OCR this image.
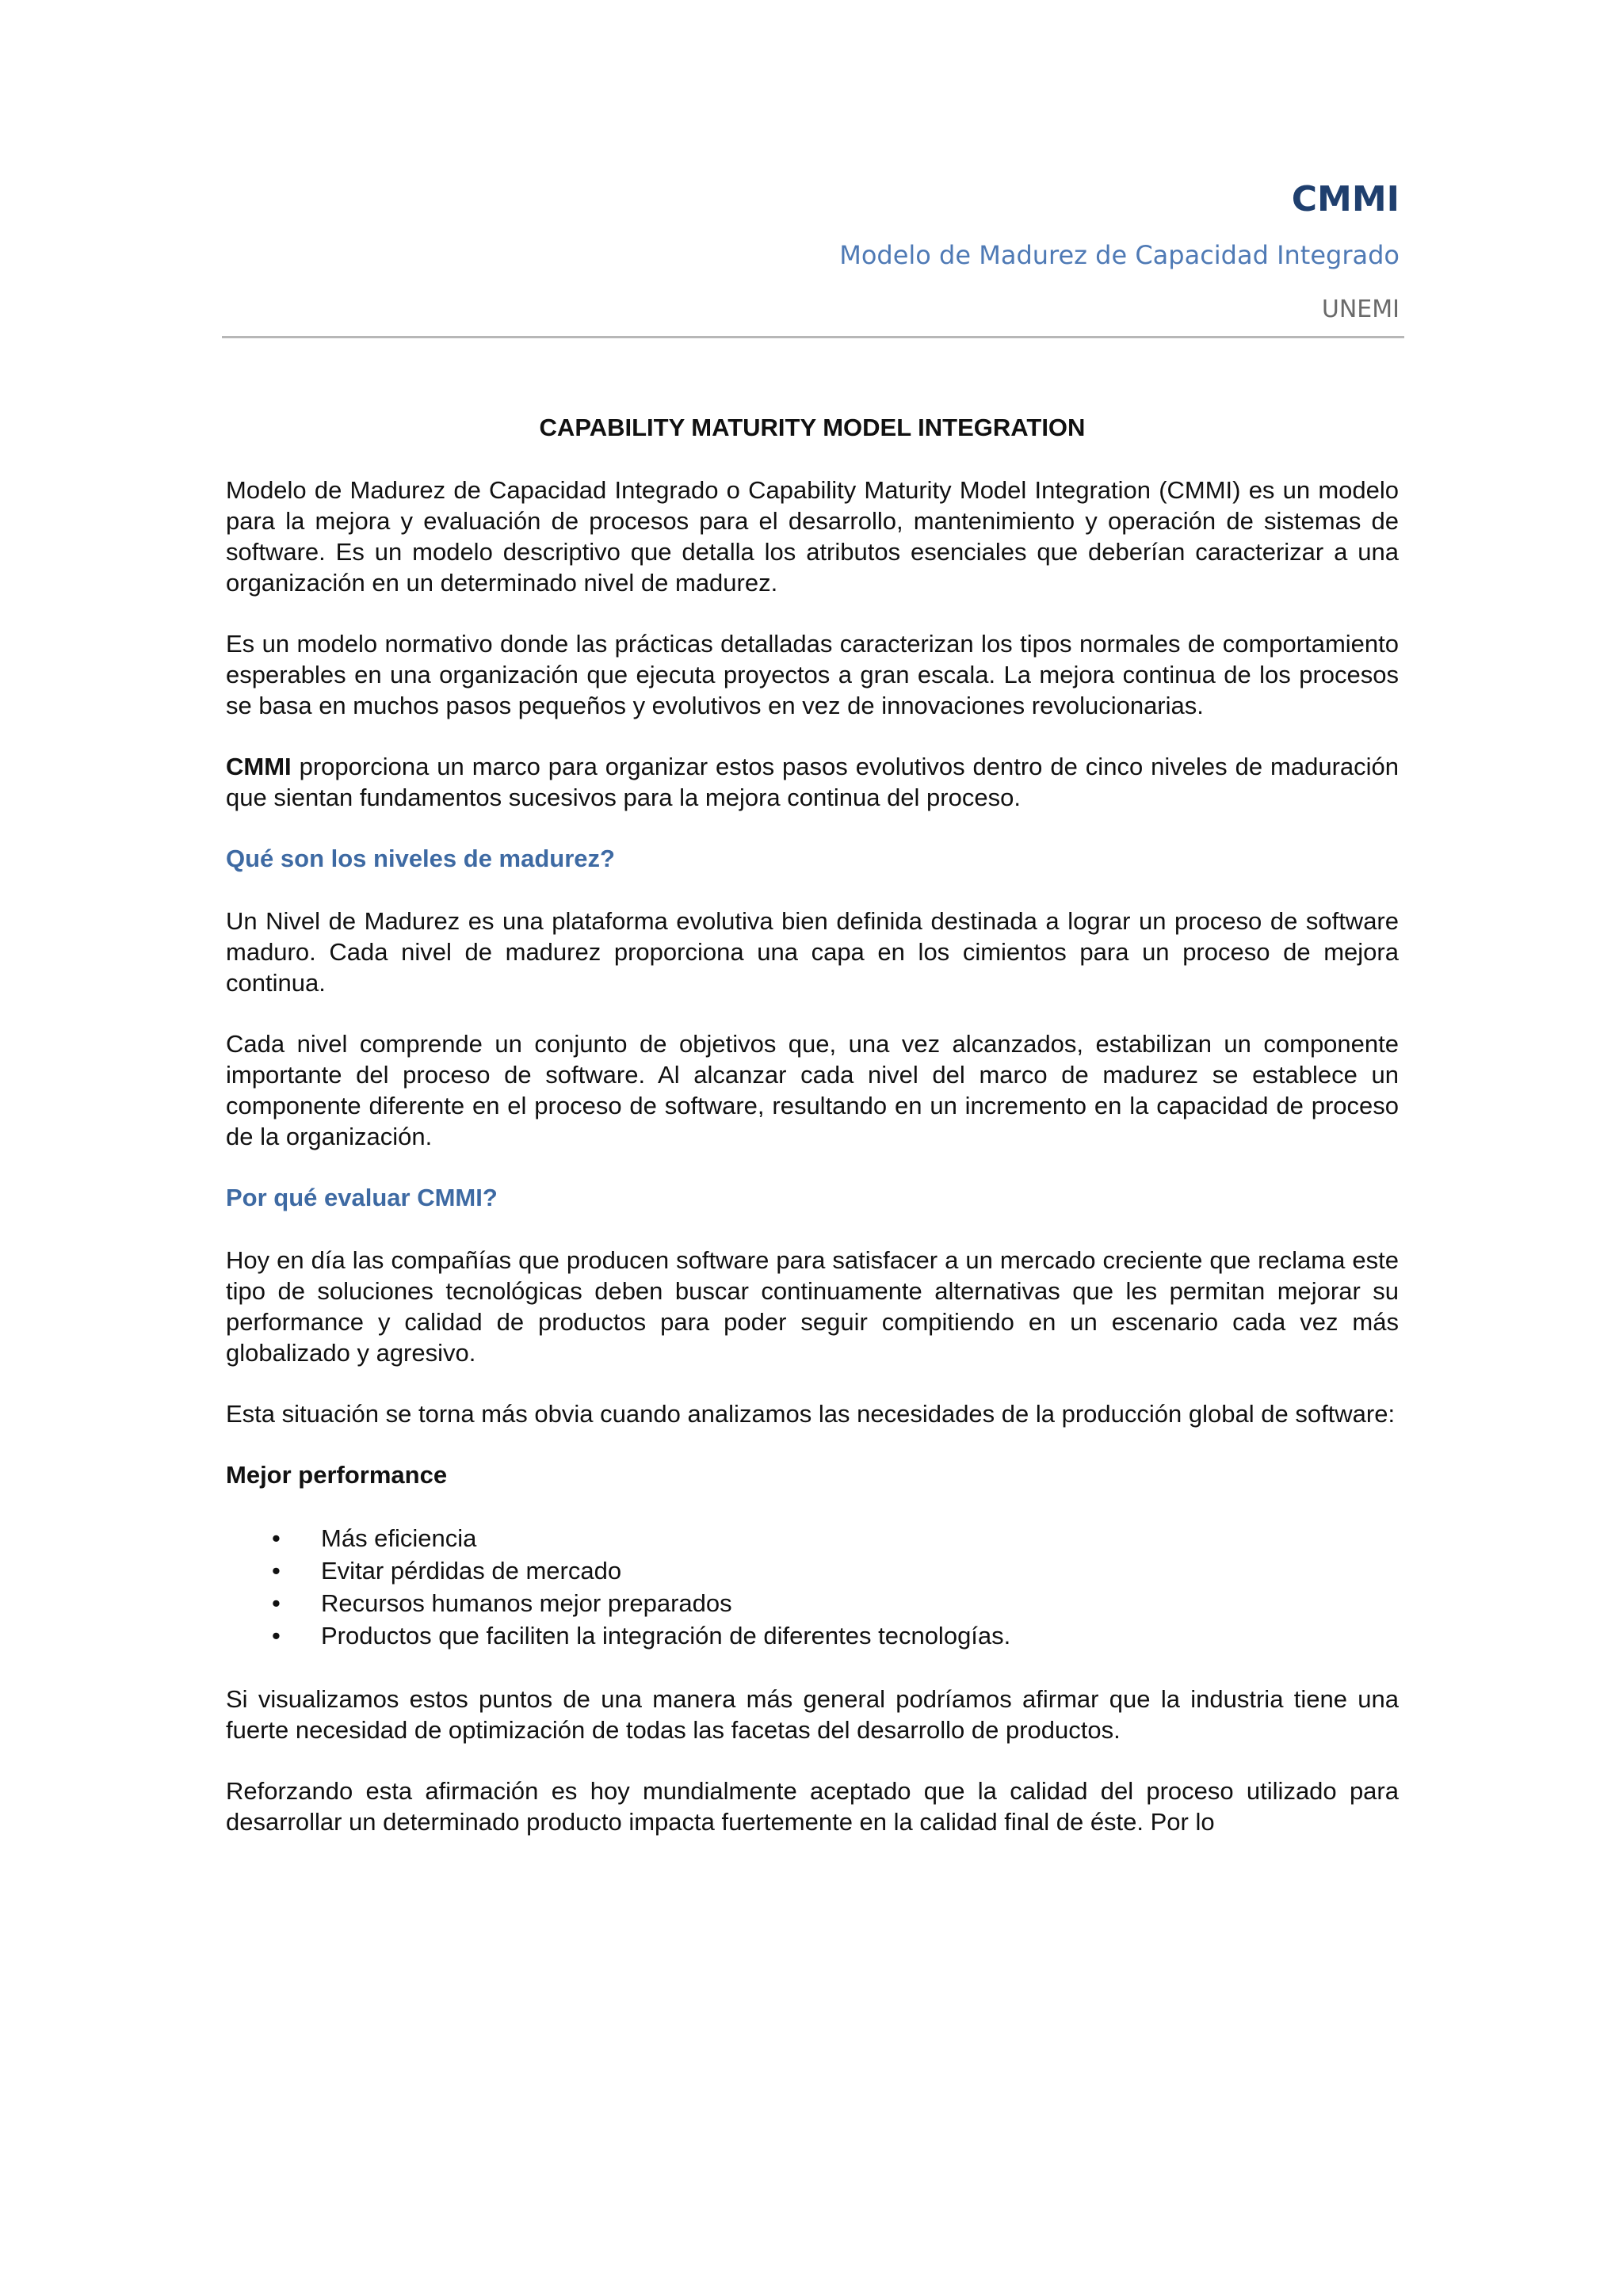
CMMI
Modelo de Madurez de Capacidad Integrado
UNEMI
CAPABILITY MATURITY MODEL INTEGRATION

Modelo de Madurez de Capacidad Integrado o Capability Maturity Model Integration (CMMI) es un modelo para la mejora y evaluación de procesos para el desarrollo, mantenimiento y operación de sistemas de software. Es un modelo descriptivo que detalla los atributos esenciales que deberían caracterizar a una organización en un determinado nivel de madurez.

Es un modelo normativo donde las prácticas detalladas caracterizan los tipos normales de comportamiento esperables en una organización que ejecuta proyectos a gran escala. La mejora continua de los procesos se basa en muchos pasos pequeños y evolutivos en vez de innovaciones revolucionarias.

CMMI proporciona un marco para organizar estos pasos evolutivos dentro de cinco niveles de maduración que sientan fundamentos sucesivos para la mejora continua del proceso.

Qué son los niveles de madurez?

Un Nivel de Madurez es una plataforma evolutiva bien definida destinada a lograr un proceso de software maduro. Cada nivel de madurez proporciona una capa en los cimientos para un proceso de mejora continua.

Cada nivel comprende un conjunto de objetivos que, una vez alcanzados, estabilizan un componente importante del proceso de software. Al alcanzar cada nivel del marco de madurez se establece un componente diferente en el proceso de software, resultando en un incremento en la capacidad de proceso de la organización.

Por qué evaluar CMMI?

Hoy en día las compañías que producen software para satisfacer a un mercado creciente que reclama este tipo de soluciones tecnológicas deben buscar continuamente alternativas que les permitan mejorar su performance y calidad de productos para poder seguir compitiendo en un escenario cada vez más globalizado y agresivo.

Esta situación se torna más obvia cuando analizamos las necesidades de la producción global de software:

Mejor performance
• Más eficiencia
• Evitar pérdidas de mercado
• Recursos humanos mejor preparados
• Productos que faciliten la integración de diferentes tecnologías.

Si visualizamos estos puntos de una manera más general podríamos afirmar que la industria tiene una fuerte necesidad de optimización de todas las facetas del desarrollo de productos.

Reforzando esta afirmación es hoy mundialmente aceptado que la calidad del proceso utilizado para desarrollar un determinado producto impacta fuertemente en la calidad final de éste. Por lo
